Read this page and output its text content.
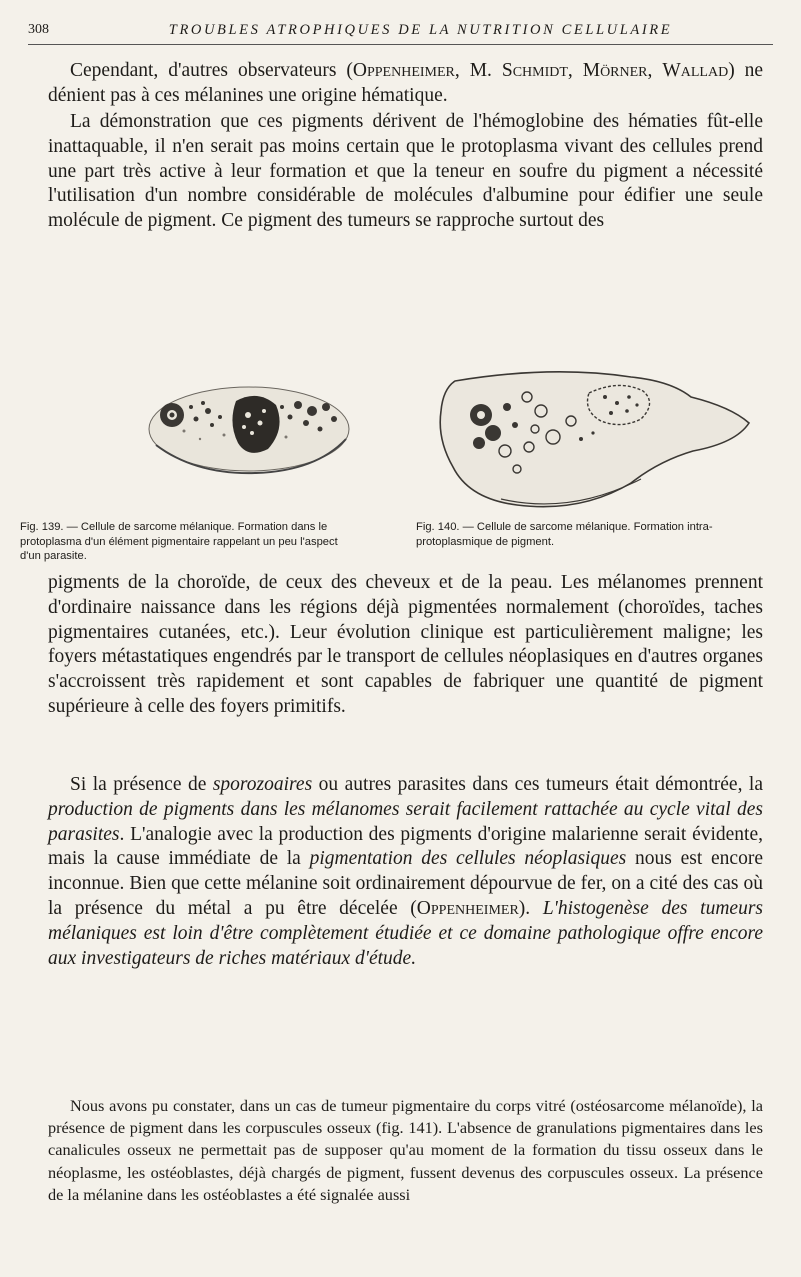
308	TROUBLES ATROPHIQUES DE LA NUTRITION CELLULAIRE

Cependant, d'autres observateurs (Oppenheimer, M. Schmidt, Mörner, Wallad) ne dénient pas à ces mélanines une origine hématique.

La démonstration que ces pigments dérivent de l'hémoglobine des hématies fût-elle inattaquable, il n'en serait pas moins certain que le protoplasma vivant des cellules prend une part très active à leur formation et que la teneur en soufre du pigment a nécessité l'utilisation d'un nombre considérable de molécules d'albumine pour édifier une seule molécule de pigment. Ce pigment des tumeurs se rapproche surtout des

Fig. 139. — Cellule de sarcome mélanique. Formation dans le protoplasma d'un élément pigmentaire rappelant un peu l'aspect d'un parasite.

Fig. 140. — Cellule de sarcome mélanique. Formation intra-protoplasmique de pigment.

pigments de la choroïde, de ceux des cheveux et de la peau. Les mélanomes prennent d'ordinaire naissance dans les régions déjà pigmentées normalement (choroïdes, taches pigmentaires cutanées, etc.). Leur évolution clinique est particulièrement maligne; les foyers métastatiques engendrés par le transport de cellules néoplasiques en d'autres organes s'accroissent très rapidement et sont capables de fabriquer une quantité de pigment supérieure à celle des foyers primitifs.

Si la présence de sporozoaires ou autres parasites dans ces tumeurs était démontrée, la production de pigments dans les mélanomes serait facilement rattachée au cycle vital des parasites. L'analogie avec la production des pigments d'origine malarienne serait évidente, mais la cause immédiate de la pigmentation des cellules néoplasiques nous est encore inconnue. Bien que cette mélanine soit ordinairement dépourvue de fer, on a cité des cas où la présence du métal a pu être décelée (Oppenheimer). L'histogenèse des tumeurs mélaniques est loin d'être complètement étudiée et ce domaine pathologique offre encore aux investigateurs de riches matériaux d'étude.

Nous avons pu constater, dans un cas de tumeur pigmentaire du corps vitré (ostéosarcome mélanoïde), la présence de pigment dans les corpuscules osseux (fig. 141). L'absence de granulations pigmentaires dans les canalicules osseux ne permettait pas de supposer qu'au moment de la formation du tissu osseux dans le néoplasme, les ostéoblastes, déjà chargés de pigment, fussent devenus des corpuscules osseux. La présence de la mélanine dans les ostéoblastes a été signalée aussi
